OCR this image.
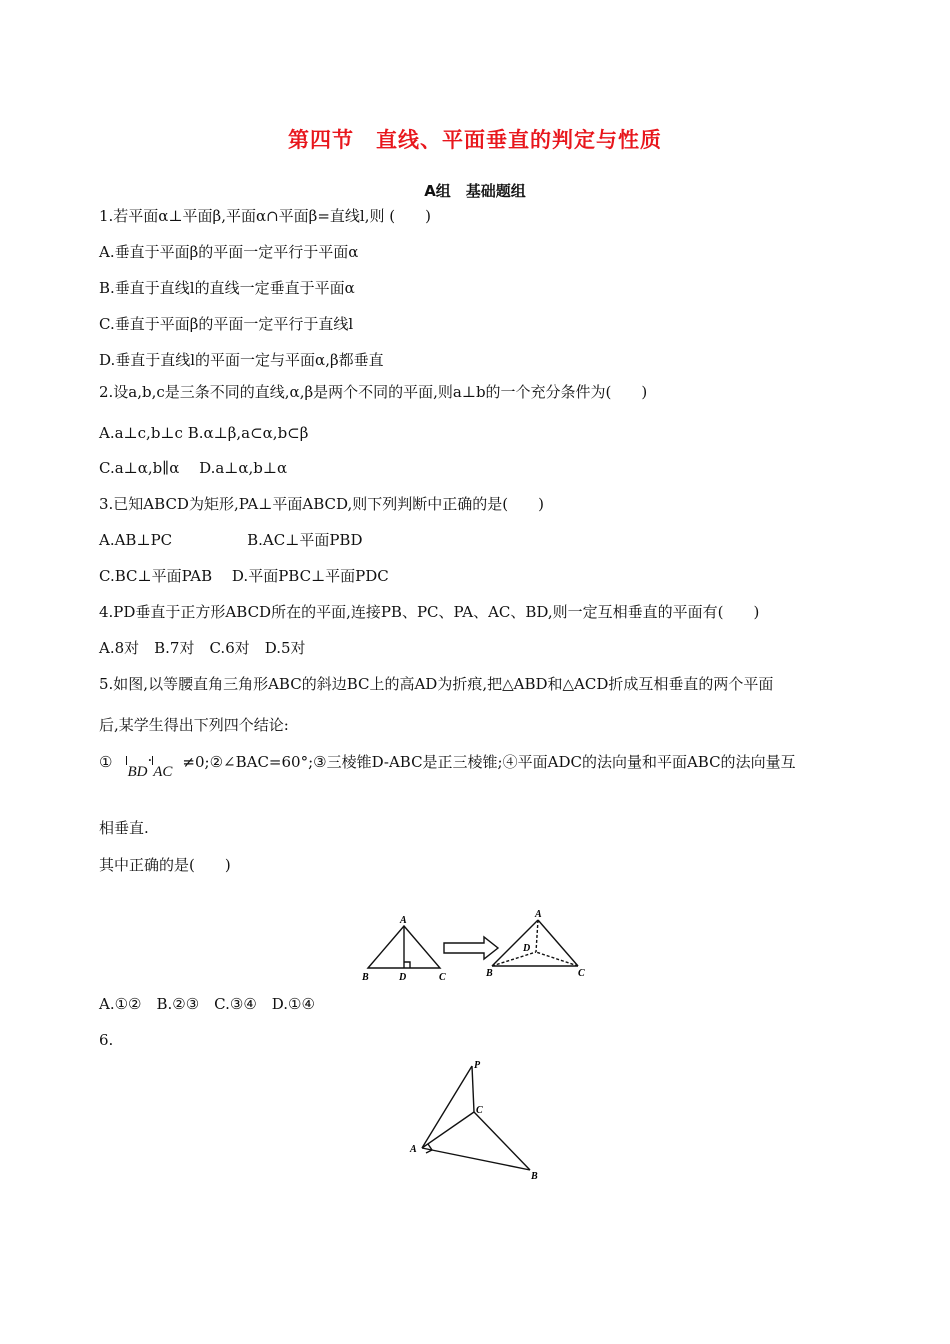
第四节　直线、平面垂直的判定与性质
A组　基础题组
1.若平面α⊥平面β,平面α∩平面β=直线l,则 (　　)
A.垂直于平面β的平面一定平行于平面α
B.垂直于直线l的直线一定垂直于平面α
C.垂直于平面β的平面一定平行于直线l
D.垂直于直线l的平面一定与平面α,β都垂直
2.设a,b,c是三条不同的直线,α,β是两个不同的平面,则a⊥b的一个充分条件为(　　)
A.a⊥c,b⊥c B.α⊥β,a⊂α,b⊂β
C.a⊥α,b∥α　 D.a⊥α,b⊥α
3.已知ABCD为矩形,PA⊥平面ABCD,则下列判断中正确的是(　　)
A.AB⊥PC　　　　　B.AC⊥平面PBD
C.BC⊥平面PAB　 D.平面PBC⊥平面PDC
4.PD垂直于正方形ABCD所在的平面,连接PB、PC、PA、AC、BD,则一定互相垂直的平面有(　　)
A.8对　B.7对　C.6对　D.5对
5.如图,以等腰直角三角形ABC的斜边BC上的高AD为折痕,把△ABD和△ACD折成互相垂直的两个平面
后,某学生得出下列四个结论:
①BD·AC≠0;②∠BAC=60°;③三棱锥D-ABC是正三棱锥;④平面ADC的法向量和平面ABC的法向量互
相垂直.
其中正确的是(　　)
A
B	D	C
A
D
B	C
A.①②　B.②③　C.③④　D.①④
6.
P
C
A
B
